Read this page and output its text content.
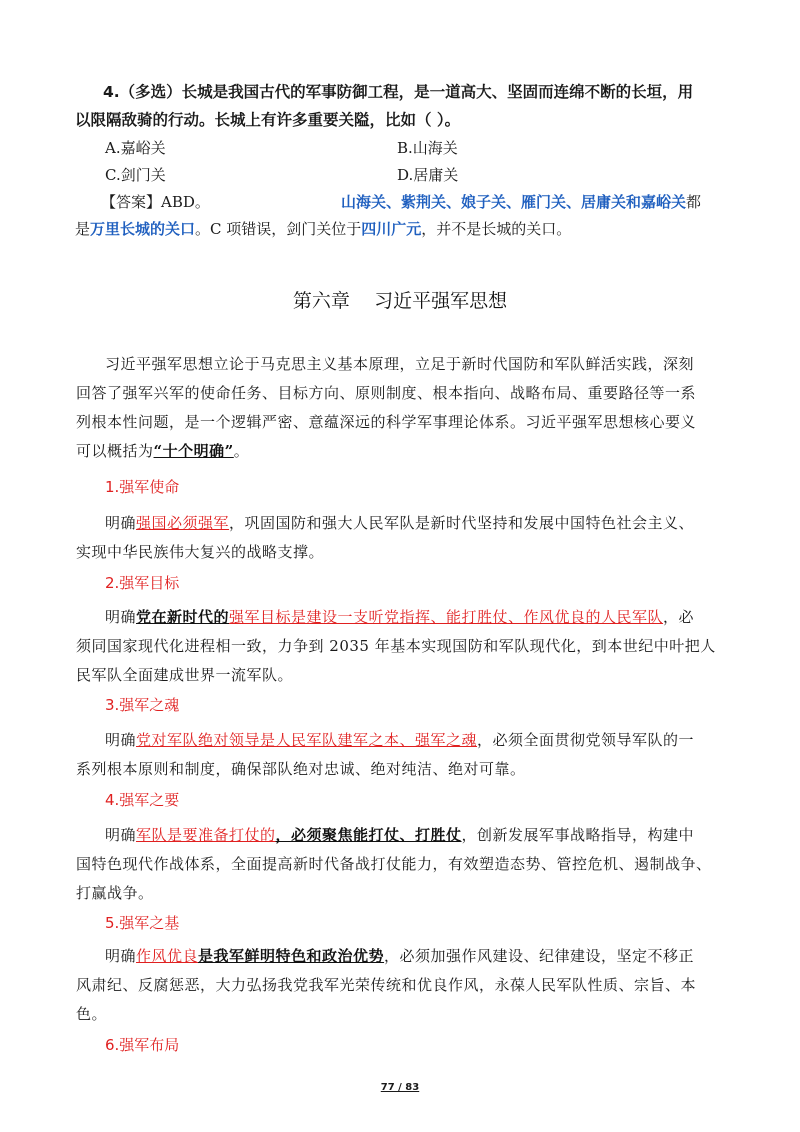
4.（多选）长城是我国古代的军事防御工程，是一道高大、坚固而连绵不断的长垣，用
以限隔敌骑的行动。长城上有许多重要关隘，比如（ ）。
A.嘉峪关	B.山海关
C.剑门关	D.居庸关
【答案】ABD。	山海关、紫荆关、娘子关、雁门关、居庸关和嘉峪关都
是万里长城的关口。C 项错误，剑门关位于四川广元，并不是长城的关口。
第六章    习近平强军思想
习近平强军思想立论于马克思主义基本原理，立足于新时代国防和军队鲜活实践，深刻
回答了强军兴军的使命任务、目标方向、原则制度、根本指向、战略布局、重要路径等一系
列根本性问题，是一个逻辑严密、意蕴深远的科学军事理论体系。习近平强军思想核心要义
可以概括为“十个明确”。
1.强军使命
明确强国必须强军，巩固国防和强大人民军队是新时代坚持和发展中国特色社会主义、
实现中华民族伟大复兴的战略支撑。
2.强军目标
明确党在新时代的强军目标是建设一支听党指挥、能打胜仗、作风优良的人民军队，必
须同国家现代化进程相一致，力争到 2035 年基本实现国防和军队现代化，到本世纪中叶把人
民军队全面建成世界一流军队。
3.强军之魂
明确党对军队绝对领导是人民军队建军之本、强军之魂，必须全面贯彻党领导军队的一
系列根本原则和制度，确保部队绝对忠诚、绝对纯洁、绝对可靠。
4.强军之要
明确军队是要准备打仗的，必须聚焦能打仗、打胜仗，创新发展军事战略指导，构建中
国特色现代作战体系，全面提高新时代备战打仗能力，有效塑造态势、管控危机、遏制战争、
打赢战争。
5.强军之基
明确作风优良是我军鲜明特色和政治优势，必须加强作风建设、纪律建设，坚定不移正
风肃纪、反腐惩恶，大力弘扬我党我军光荣传统和优良作风，永葆人民军队性质、宗旨、本
色。
6.强军布局
77 / 83
